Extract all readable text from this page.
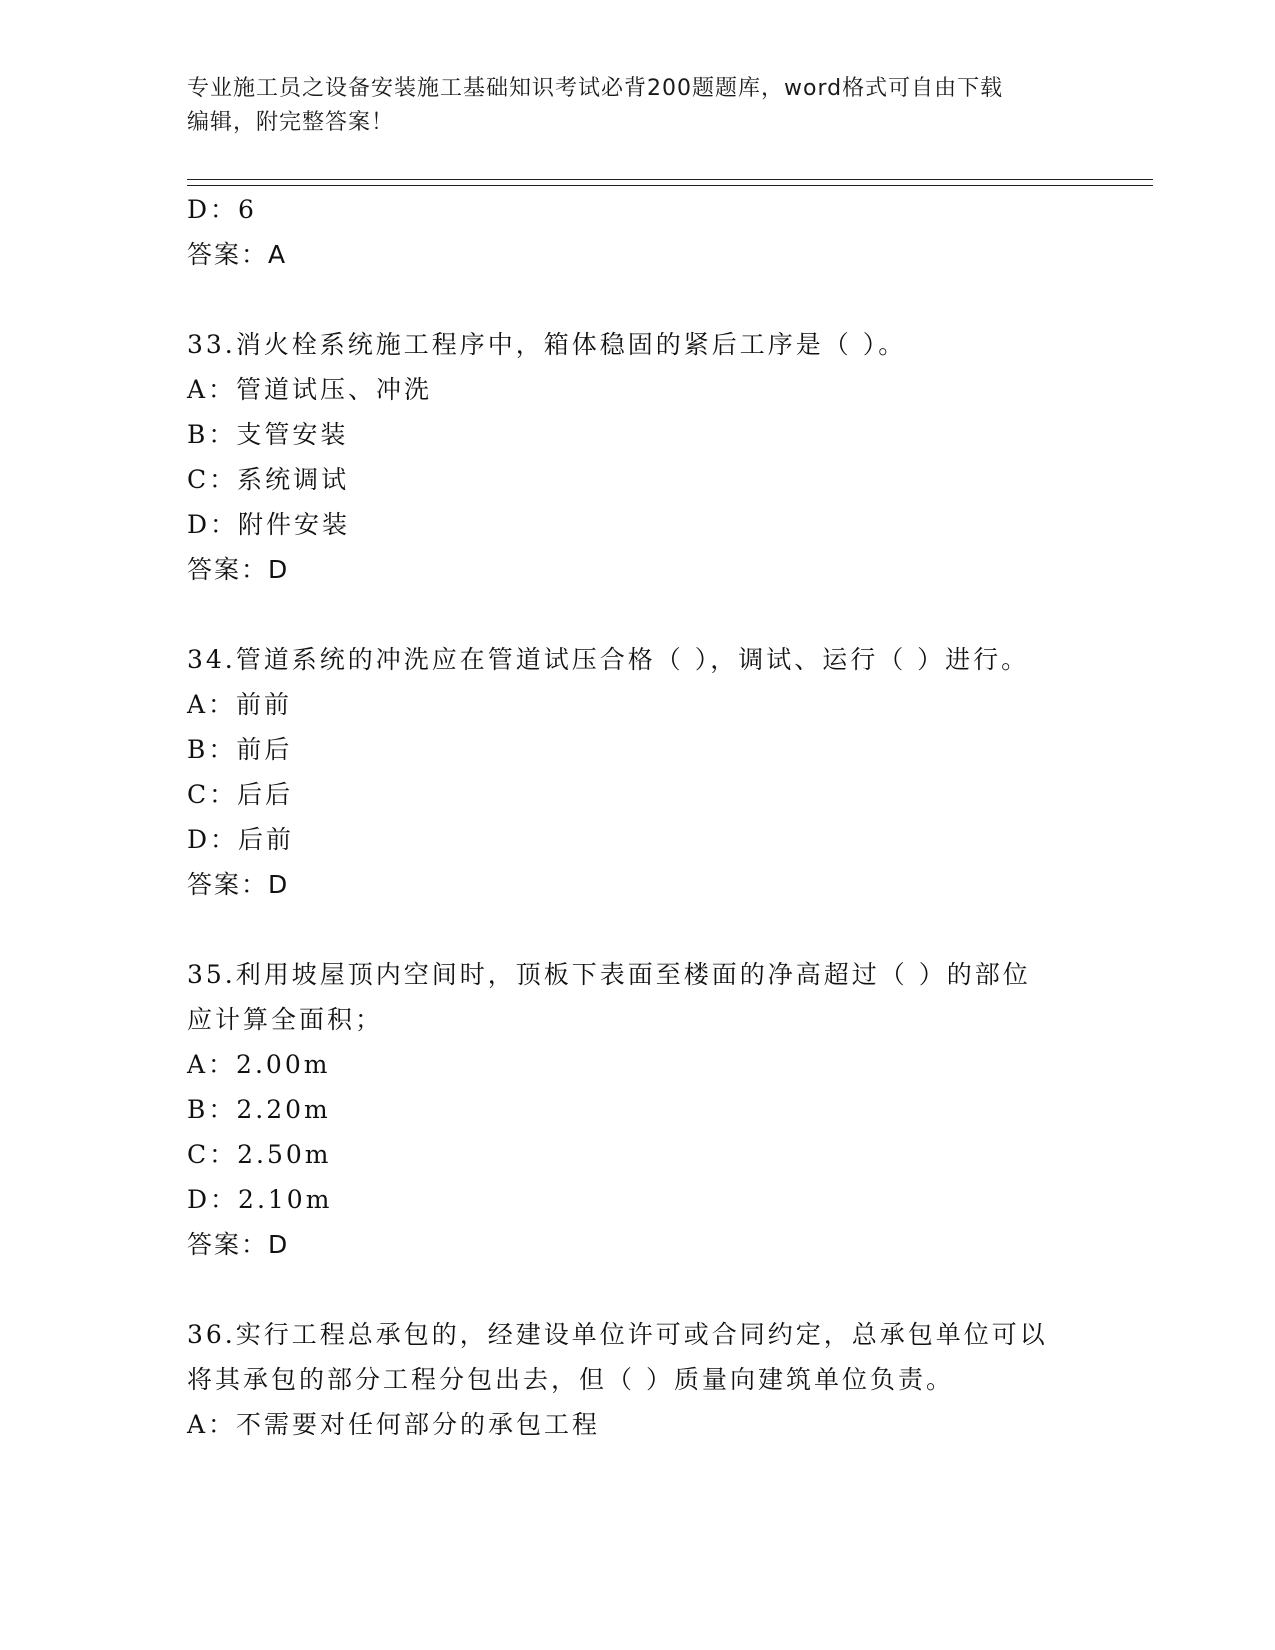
专业施工员之设备安装施工基础知识考试必背200题题库，word格式可自由下载
编辑，附完整答案！
D：6
答案：A
33.消火栓系统施工程序中，箱体稳固的紧后工序是（ ）。
A：管道试压、冲洗
B：支管安装
C：系统调试
D：附件安装
答案：D
34.管道系统的冲洗应在管道试压合格（ ），调试、运行（ ）进行。
A：前前
B：前后
C：后后
D：后前
答案：D
35.利用坡屋顶内空间时，顶板下表面至楼面的净高超过（ ）的部位
应计算全面积；
A：2.00m
B：2.20m
C：2.50m
D：2.10m
答案：D
36.实行工程总承包的，经建设单位许可或合同约定，总承包单位可以
将其承包的部分工程分包出去，但（ ）质量向建筑单位负责。
A：不需要对任何部分的承包工程
